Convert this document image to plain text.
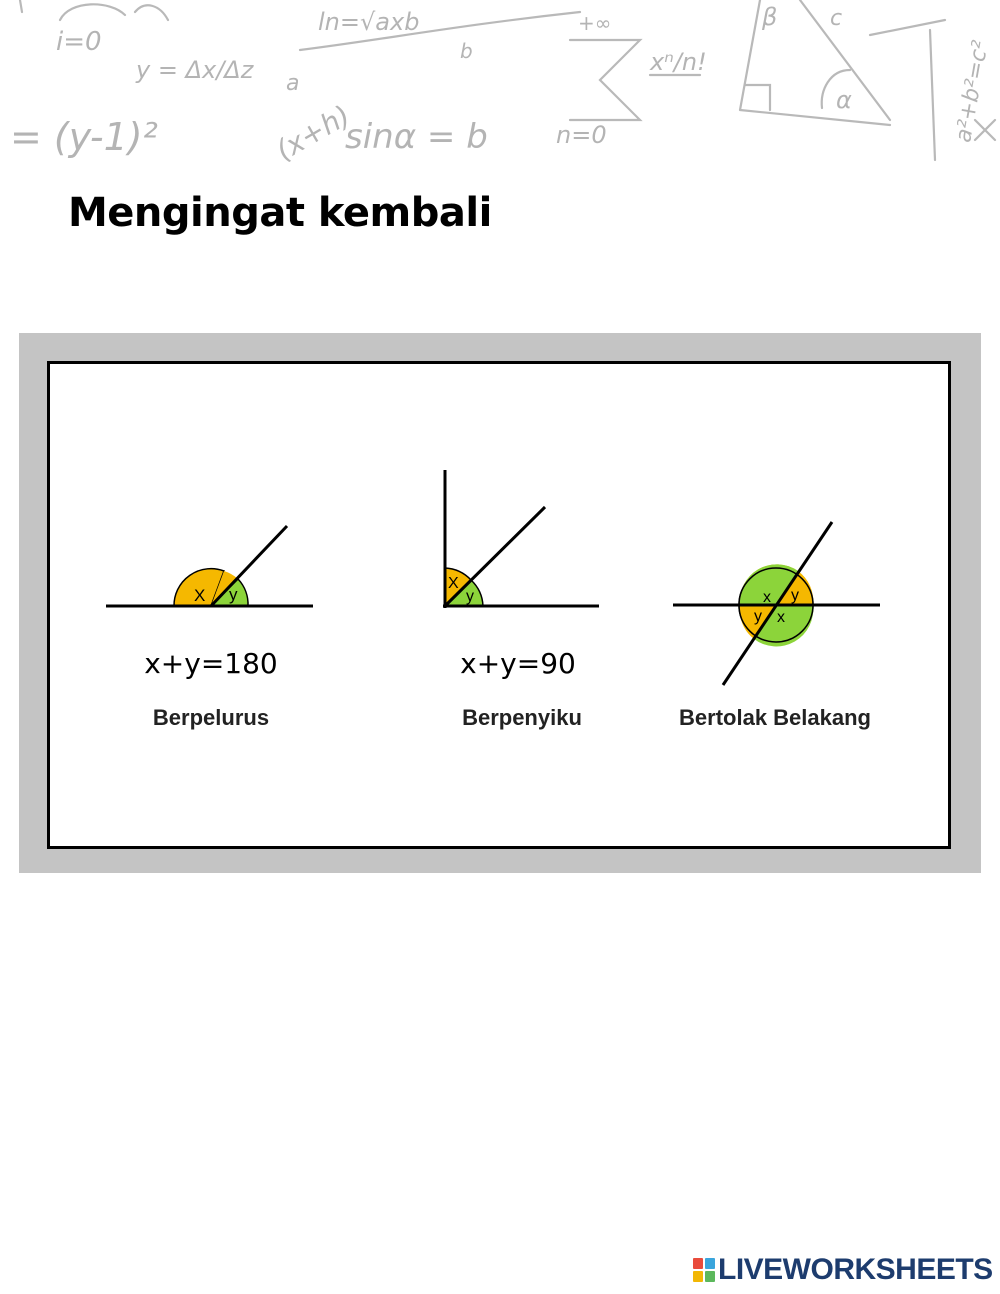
i=0
y = Δx/Δz
ln=√axb	+∞
n=0
xⁿ/n!
= (y-1)²	sinα = b
(x+h)
a
b
β c
α	a²+b²=c²
Mengingat kembali
X y
X
y	x y
y x
x+y=180	x+y=90
Berpelurus	Berpenyiku	Bertolak Belakang
LIVEWORKSHEETS
